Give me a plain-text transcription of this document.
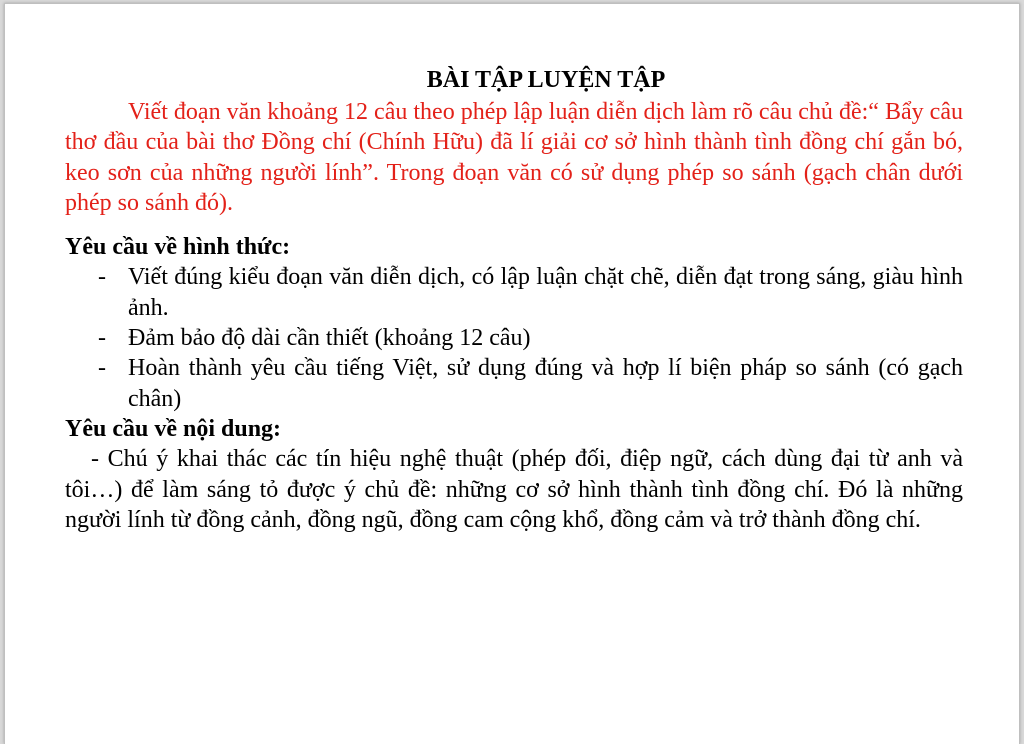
BÀI TẬP LUYỆN TẬP

Viết đoạn văn khoảng 12 câu theo phép lập luận diễn dịch làm rõ câu chủ đề:“ Bẩy câu thơ đầu của bài thơ Đồng chí (Chính Hữu) đã lí giải cơ sở hình thành tình đồng chí gắn bó, keo sơn của những người lính”. Trong đoạn văn có sử dụng phép so sánh (gạch chân dưới phép so sánh đó).

Yêu cầu về hình thức:

- Viết đúng kiểu đoạn văn diễn dịch, có lập luận chặt chẽ, diễn đạt trong sáng, giàu hình ảnh.
- Đảm bảo độ dài cần thiết (khoảng 12 câu)
- Hoàn thành yêu cầu tiếng Việt, sử dụng đúng và hợp lí biện pháp so sánh (có gạch chân)

Yêu cầu về nội dung:

- Chú ý khai thác các tín hiệu nghệ thuật (phép đối, điệp ngữ, cách dùng đại từ anh và tôi…) để làm sáng tỏ được ý chủ đề: những cơ sở hình thành tình đồng chí. Đó là những người lính từ đồng cảnh, đồng ngũ, đồng cam cộng khổ, đồng cảm và trở thành đồng chí.
